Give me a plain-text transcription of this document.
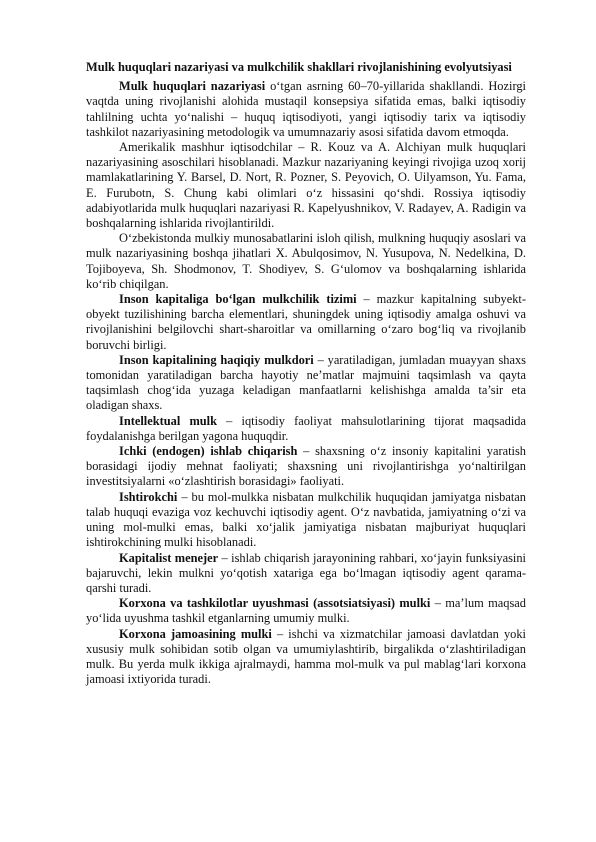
Mulk huquqlari nazariyasi va mulkchilik shakllari rivojlanishining evolyutsiyasi

Mulk huquqlari nazariyasi o‘tgan asrning 60–70-yillarida shakllandi. Hozirgi vaqtda uning rivojlanishi alohida mustaqil konsepsiya sifatida emas, balki iqtisodiy tahlilning uchta yo‘nalishi – huquq iqtisodiyoti, yangi iqtisodiy tarix va iqtisodiy tashkilot nazariyasining metodologik va umumnazariy asosi sifatida davom etmoqda.

Amerikalik mashhur iqtisodchilar – R. Kouz va A. Alchiyan mulk huquqlari nazariyasining asoschilari hisoblanadi. Mazkur nazariyaning keyingi rivojiga uzoq xorij mamlakatlarining Y. Barsel, D. Nort, R. Pozner, S. Peyovich, O. Uilyamson, Yu. Fama, E. Furubotn, S. Chung kabi olimlari o‘z hissasini qo‘shdi. Rossiya iqtisodiy adabiyotlarida mulk huquqlari nazariyasi R. Kapelyushnikov, V. Radayev, A. Radigin va boshqalarning ishlarida rivojlantirildi.

O‘zbekistonda mulkiy munosabatlarini isloh qilish, mulkning huquqiy asoslari va mulk nazariyasining boshqa jihatlari X. Abulqosimov, N. Yusupova, N. Nedelkina, D. Tojiboyeva, Sh. Shodmonov, T. Shodiyev, S. G‘ulomov va boshqalarning ishlarida ko‘rib chiqilgan.

Inson kapitaliga bo‘lgan mulkchilik tizimi – mazkur kapitalning subyekt-obyekt tuzilishining barcha elementlari, shuningdek uning iqtisodiy amalga oshuvi va rivojlanishini belgilovchi shart-sharoitlar va omillarning o‘zaro bog‘liq va rivojlanib boruvchi birligi.

Inson kapitalining haqiqiy mulkdori – yaratiladigan, jumladan muayyan shaxs tomonidan yaratiladigan barcha hayotiy ne’matlar majmuini taqsimlash va qayta taqsimlash chog‘ida yuzaga keladigan manfaatlarni kelishishga amalda ta’sir eta oladigan shaxs.

Intellektual mulk – iqtisodiy faoliyat mahsulotlarining tijorat maqsadida foydalanishga berilgan yagona huquqdir.

Ichki (endogen) ishlab chiqarish – shaxsning o‘z insoniy kapitalini yaratish borasidagi ijodiy mehnat faoliyati; shaxsning uni rivojlantirishga yo‘naltirilgan investitsiyalarni «o‘zlashtirish borasidagi» faoliyati.

Ishtirokchi – bu mol-mulkka nisbatan mulkchilik huquqidan jamiyatga nisbatan talab huquqi evaziga voz kechuvchi iqtisodiy agent. O‘z navbatida, jamiyatning o‘zi va uning mol-mulki emas, balki xo‘jalik jamiyatiga nisbatan majburiyat huquqlari ishtirokchining mulki hisoblanadi.

Kapitalist menejer – ishlab chiqarish jarayonining rahbari, xo‘jayin funksiyasini bajaruvchi, lekin mulkni yo‘qotish xatariga ega bo‘lmagan iqtisodiy agent qarama-qarshi turadi.

Korxona va tashkilotlar uyushmasi (assotsiatsiyasi) mulki – ma’lum maqsad yo‘lida uyushma tashkil etganlarning umumiy mulki.

Korxona jamoasining mulki – ishchi va xizmatchilar jamoasi davlatdan yoki xususiy mulk sohibidan sotib olgan va umumiylashtirib, birgalikda o‘zlashtiriladigan mulk. Bu yerda mulk ikkiga ajralmaydi, hamma mol-mulk va pul mablag‘lari korxona jamoasi ixtiyorida turadi.
